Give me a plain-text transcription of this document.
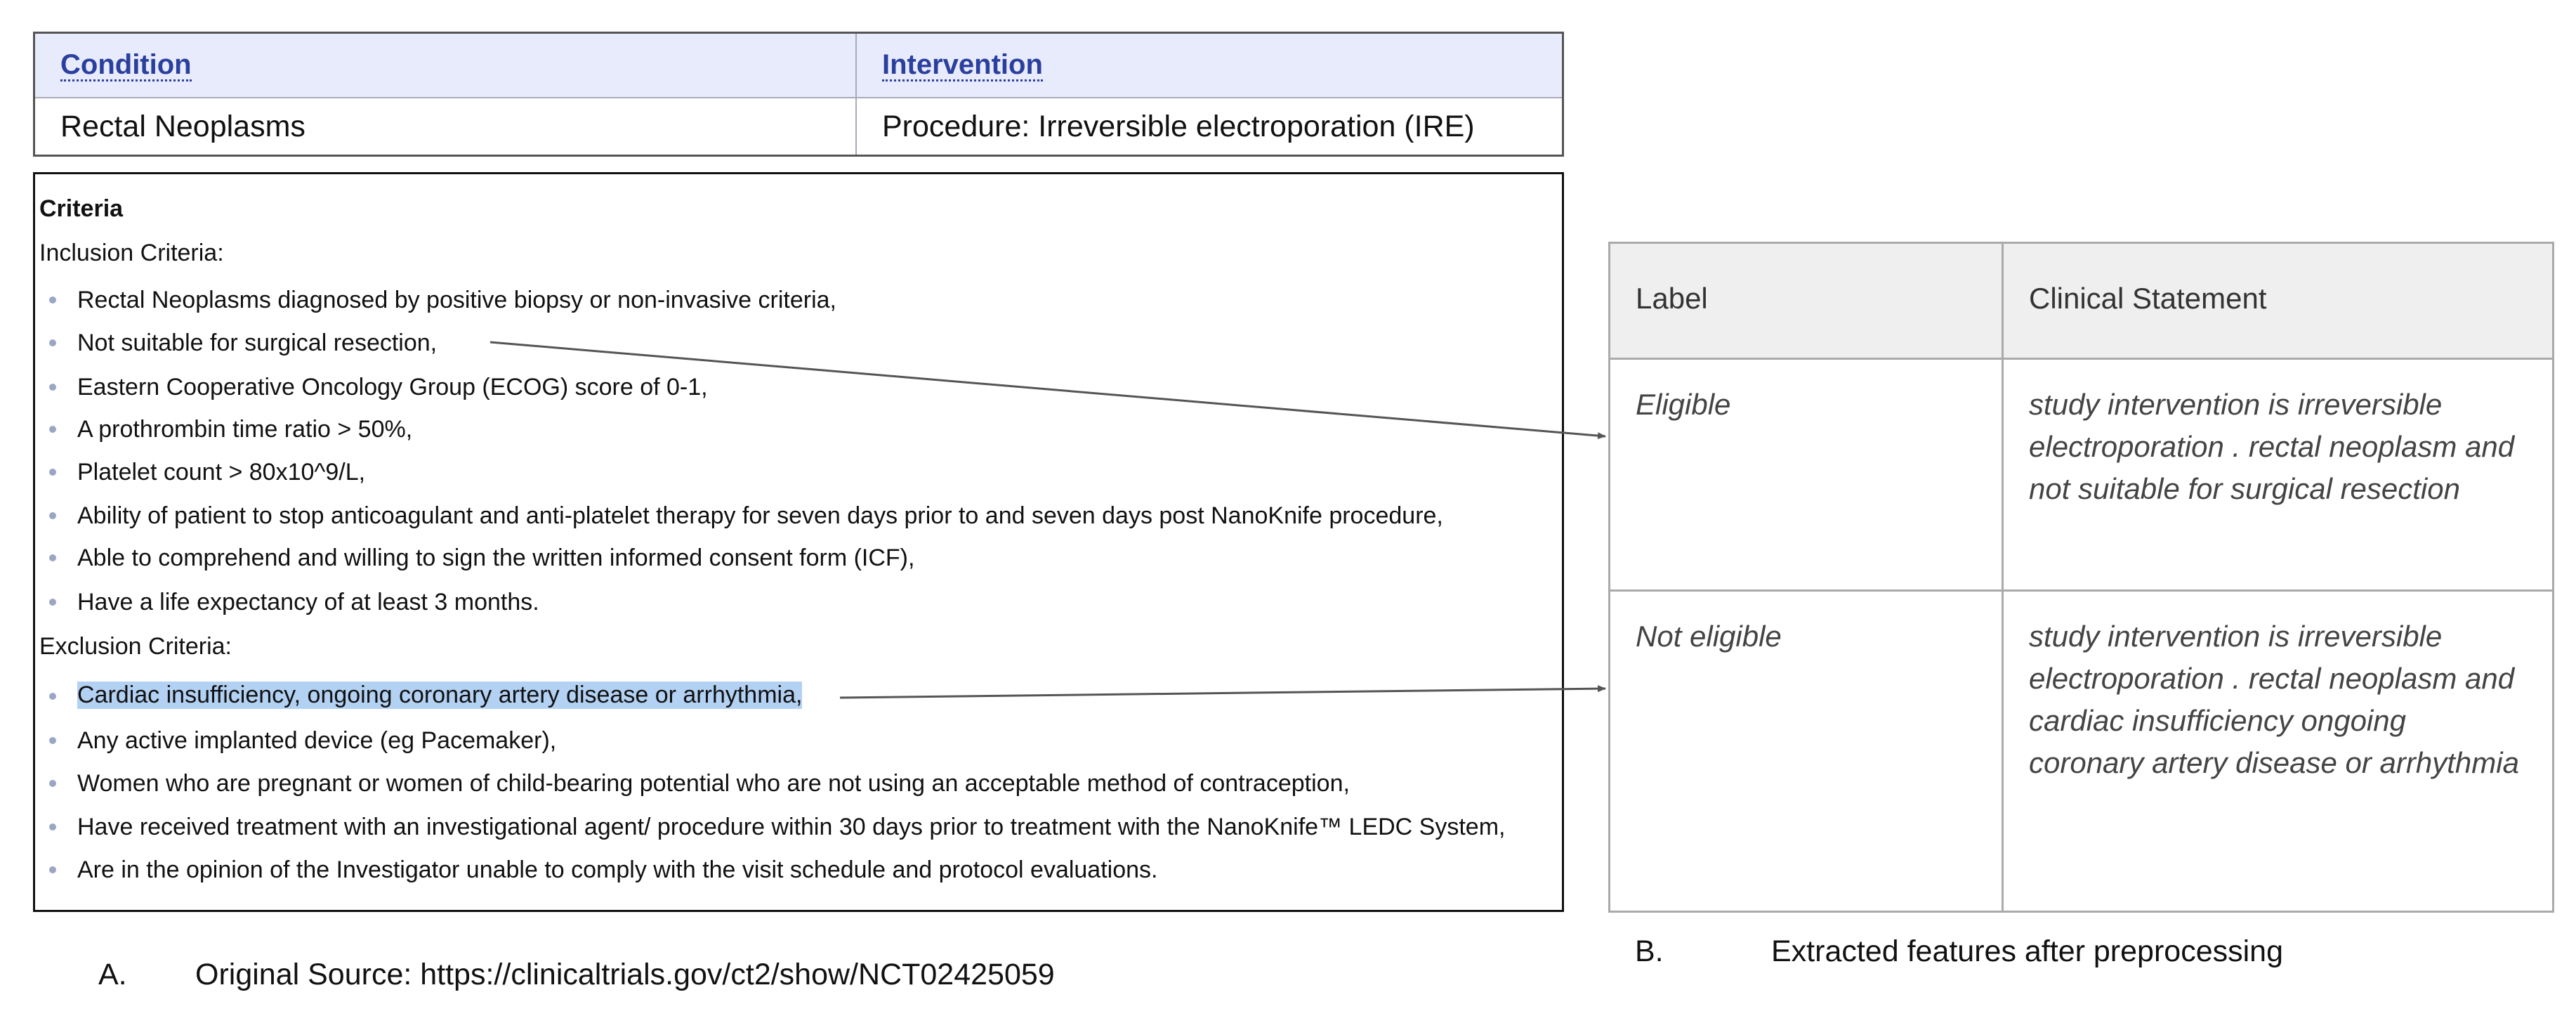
Condition	Intervention
Rectal Neoplasms	Procedure: Irreversible electroporation (IRE)
Criteria
Inclusion Criteria:
Rectal Neoplasms diagnosed by positive biopsy or non-invasive criteria,
Not suitable for surgical resection,
Eastern Cooperative Oncology Group (ECOG) score of 0-1,
A prothrombin time ratio > 50%,
Platelet count > 80x10^9/L,
Ability of patient to stop anticoagulant and anti-platelet therapy for seven days prior to and seven days post NanoKnife procedure,
Able to comprehend and willing to sign the written informed consent form (ICF),
Have a life expectancy of at least 3 months.
Exclusion Criteria:
Cardiac insufficiency, ongoing coronary artery disease or arrhythmia,
Any active implanted device (eg Pacemaker),
Women who are pregnant or women of child-bearing potential who are not using an acceptable method of contraception,
Have received treatment with an investigational agent/ procedure within 30 days prior to treatment with the NanoKnife™ LEDC System,
Are in the opinion of the Investigator unable to comply with the visit schedule and protocol evaluations.
A. Original Source: https://clinicaltrials.gov/ct2/show/NCT02425059
Label	Clinical Statement
Eligible	study intervention is irreversible
electroporation . rectal neoplasm and
not suitable for surgical resection
Not eligible	study intervention is irreversible
electroporation . rectal neoplasm and
cardiac insufficiency ongoing
coronary artery disease or arrhythmia
B.	Extracted features after preprocessing
